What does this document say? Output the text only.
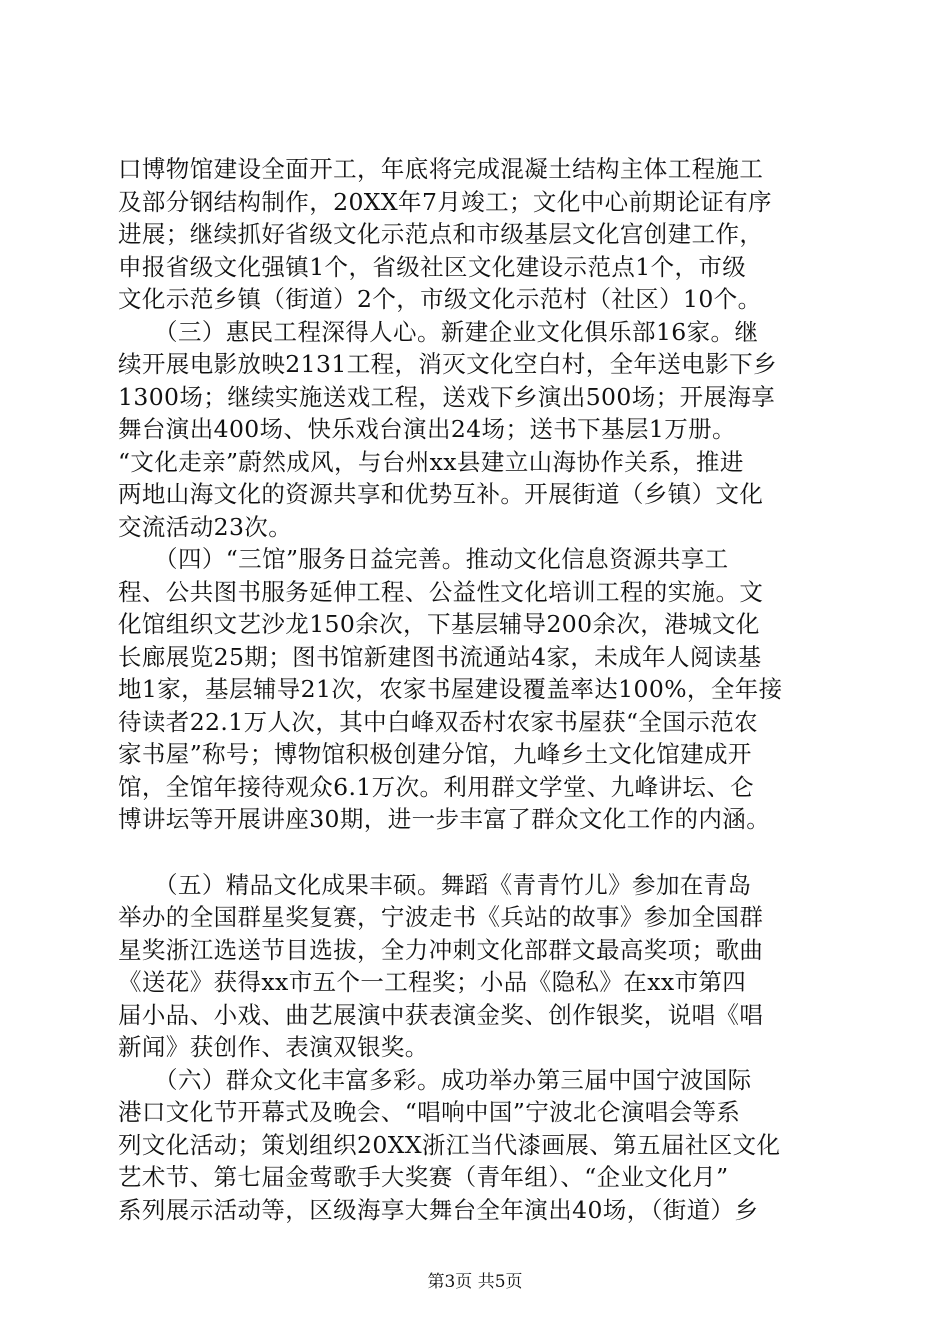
口博物馆建设全面开工，年底将完成混凝土结构主体工程施工
及部分钢结构制作，20XX年7月竣工；文化中心前期论证有序
进展；继续抓好省级文化示范点和市级基层文化宫创建工作，
申报省级文化强镇1个，省级社区文化建设示范点1个，市级
文化示范乡镇（街道）2个，市级文化示范村（社区）10个。
　　（三）惠民工程深得人心。新建企业文化俱乐部16家。继
续开展电影放映2131工程，消灭文化空白村，全年送电影下乡
1300场；继续实施送戏工程，送戏下乡演出500场；开展海享
舞台演出400场、快乐戏台演出24场；送书下基层1万册。
“文化走亲”蔚然成风，与台州xx县建立山海协作关系，推进
两地山海文化的资源共享和优势互补。开展街道（乡镇）文化
交流活动23次。
　　（四）“三馆”服务日益完善。推动文化信息资源共享工
程、公共图书服务延伸工程、公益性文化培训工程的实施。文
化馆组织文艺沙龙150余次，下基层辅导200余次，港城文化
长廊展览25期；图书馆新建图书流通站4家，未成年人阅读基
地1家，基层辅导21次，农家书屋建设覆盖率达100%，全年接
待读者22.1万人次，其中白峰双岙村农家书屋获“全国示范农
家书屋”称号；博物馆积极创建分馆，九峰乡土文化馆建成开
馆，全馆年接待观众6.1万次。利用群文学堂、九峰讲坛、仑
博讲坛等开展讲座30期，进一步丰富了群众文化工作的内涵。
　　（五）精品文化成果丰硕。舞蹈《青青竹儿》参加在青岛
举办的全国群星奖复赛，宁波走书《兵站的故事》参加全国群
星奖浙江选送节目选拔，全力冲刺文化部群文最高奖项；歌曲
《送花》获得xx市五个一工程奖；小品《隐私》在xx市第四
届小品、小戏、曲艺展演中获表演金奖、创作银奖，说唱《唱
新闻》获创作、表演双银奖。
　　（六）群众文化丰富多彩。成功举办第三届中国宁波国际
港口文化节开幕式及晚会、“唱响中国”宁波北仑演唱会等系
列文化活动；策划组织20XX浙江当代漆画展、第五届社区文化
艺术节、第七届金莺歌手大奖赛（青年组）、“企业文化月”
系列展示活动等，区级海享大舞台全年演出40场，（街道）乡
第3页 共5页
